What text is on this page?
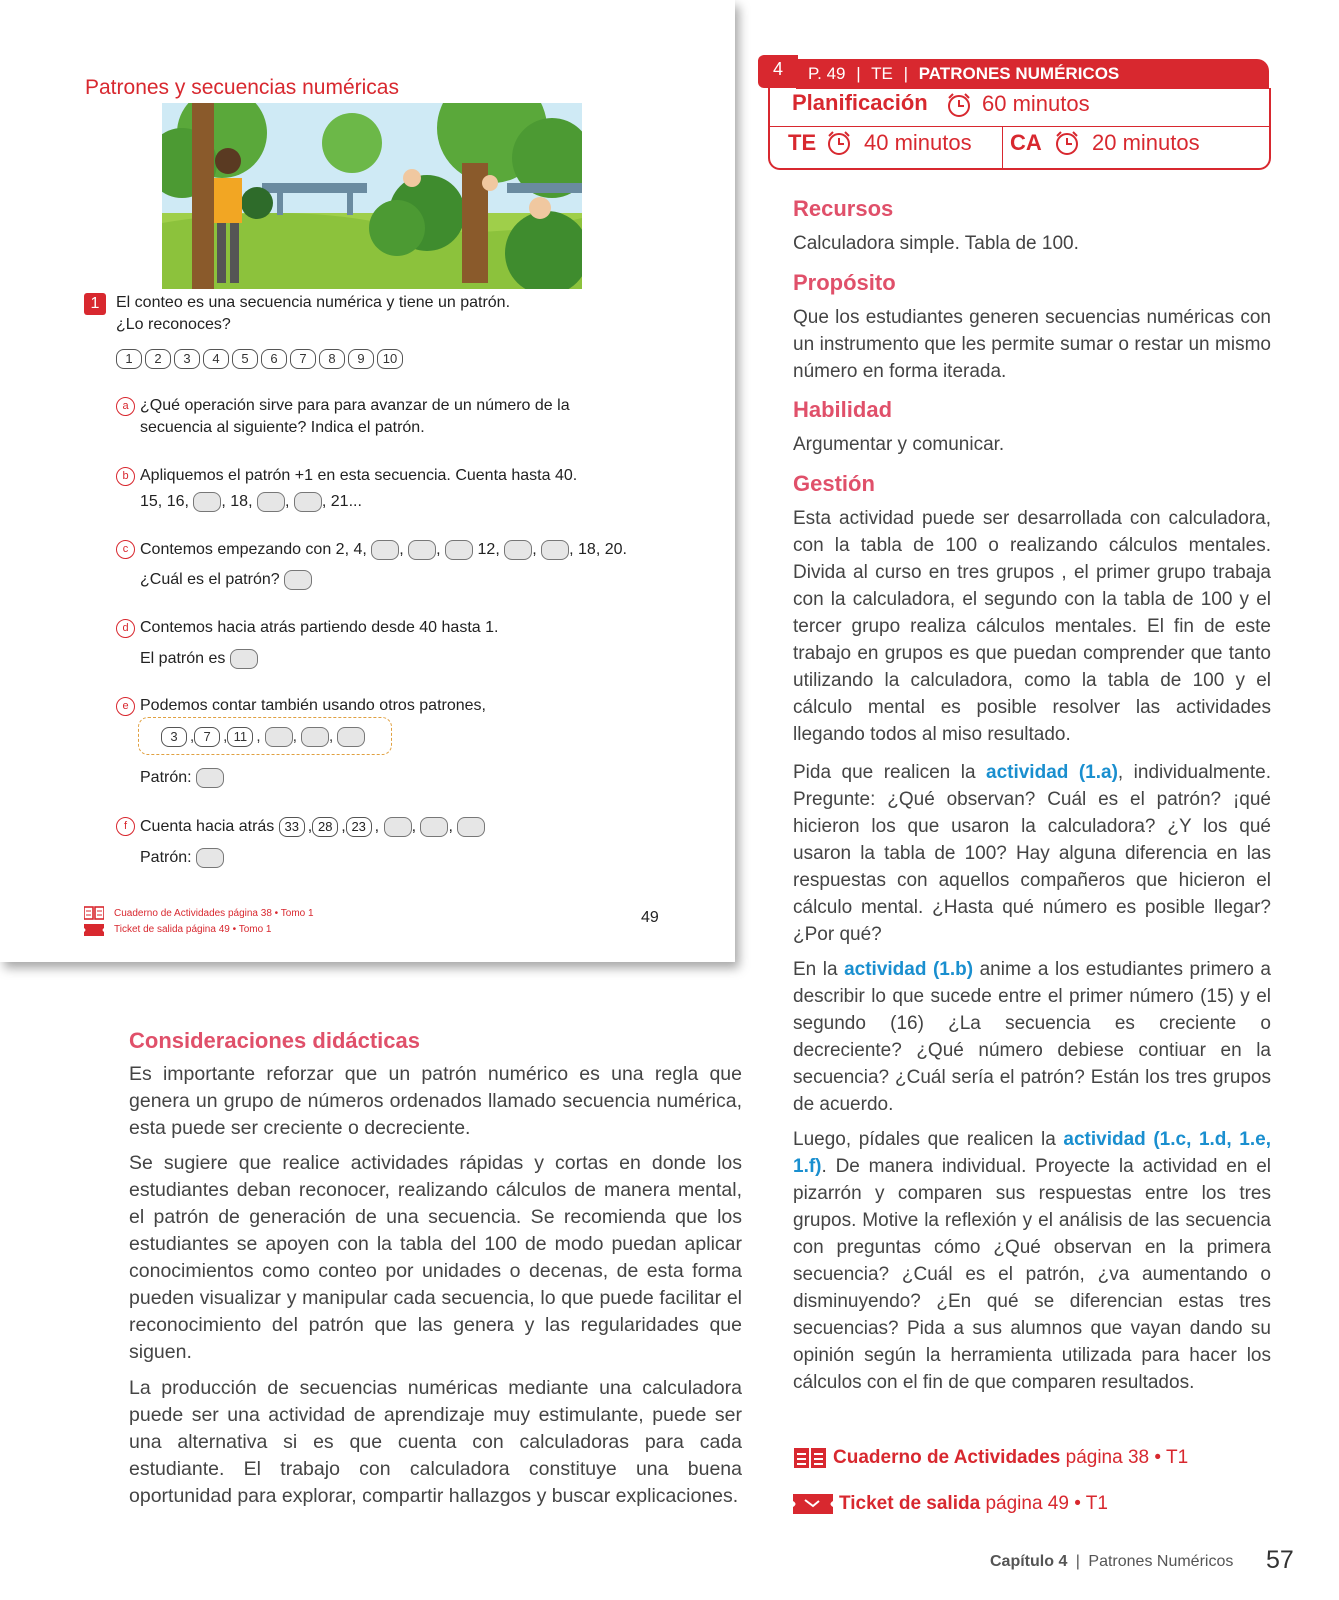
Patrones y secuencias numéricas
1	El conteo es una secuencia numérica y tiene un patrón.
¿Lo reconoces?
1 2 3 4 5 6 7 8 9 10
a ¿Qué operación sirve para para avanzar de un número de la
secuencia al siguiente? Indica el patrón.
b Apliquemos el patrón +1 en esta secuencia. Cuenta hasta 40.
15, 16, , 18, , , 21...
c Contemos empezando con 2, 4, , , 12, , , 18, 20.
¿Cuál es el patrón?
d Contemos hacia atrás partiendo desde 40 hasta 1.
El patrón es
e Podemos contar también usando otros patrones,
3 , 7 , 11 , , ,
Patrón:
f Cuenta hacia atrás 33 , 28 , 23 , , ,
Patrón:
Cuaderno de Actividades página 38 • Tomo 1
Ticket de salida página 49 • Tomo 1
49
4	P. 49 | TE | PATRONES NUMÉRICOS
Planificación 60 minutos
TE 40 minutos CA 20 minutos
Recursos
Calculadora simple. Tabla de 100.
Propósito
Que los estudiantes generen secuencias numéricas con un instrumento que les permite sumar o restar un mismo número en forma iterada.
Habilidad
Argumentar y comunicar.
Gestión
Esta actividad puede ser desarrollada con calculadora, con la tabla de 100 o realizando cálculos mentales. Divida al curso en tres grupos , el primer grupo trabaja con la calculadora, el segundo con la tabla de 100 y el tercer grupo realiza cálculos mentales. El fin de este trabajo en grupos es que puedan comprender que tanto utilizando la calculadora, como la tabla de 100 y el cálculo mental es posible resolver las actividades llegando todos al miso resultado.
Pida que realicen la actividad (1.a), individualmente. Pregunte: ¿Qué observan? Cuál es el patrón? ¡qué hicieron los que usaron la calculadora? ¿Y los qué usaron la tabla de 100? Hay alguna diferencia en las respuestas con aquellos compañeros que hicieron el cálculo mental. ¿Hasta qué número es posible llegar?¿Por qué?
En la actividad (1.b) anime a los estudiantes primero a describir lo que sucede entre el primer número (15) y el segundo (16) ¿La secuencia es creciente o decreciente? ¿Qué número debiese contiuar en la secuencia? ¿Cuál sería el patrón? Están los tres grupos de acuerdo.
Luego, pídales que realicen la actividad (1.c, 1.d, 1.e, 1.f). De manera individual. Proyecte la actividad en el pizarrón y comparen sus respuestas entre los tres grupos. Motive la reflexión y el análisis de las secuencia con preguntas cómo ¿Qué observan en la primera secuencia? ¿Cuál es el patrón, ¿va aumentando o disminuyendo? ¿En qué se diferencian estas tres secuencias? Pida a sus alumnos que vayan dando su opinión según la herramienta utilizada para hacer los cálculos con el fin de que comparen resultados.
Cuaderno de Actividades página 38 • T1
Ticket de salida página 49 • T1
Consideraciones didácticas
Es importante reforzar que un patrón numérico es una regla que genera un grupo de números ordenados llamado secuencia numérica, esta puede ser creciente o decreciente.
Se sugiere que realice actividades rápidas y cortas en donde los estudiantes deban reconocer, realizando cálculos de manera mental, el patrón de generación de una secuencia. Se recomienda que los estudiantes se apoyen con la tabla del 100 de modo puedan aplicar conocimientos como conteo por unidades o decenas, de esta forma pueden visualizar y manipular cada secuencia, lo que puede facilitar el reconocimiento del patrón que las genera y las regularidades que siguen.
La producción de secuencias numéricas mediante una calculadora puede ser una actividad de aprendizaje muy estimulante, puede ser una alternativa si es que cuenta con calculadoras para cada estudiante. El trabajo con calculadora constituye una buena oportunidad para explorar, compartir hallazgos y buscar explicaciones.
Capítulo 4 | Patrones Numéricos 57
